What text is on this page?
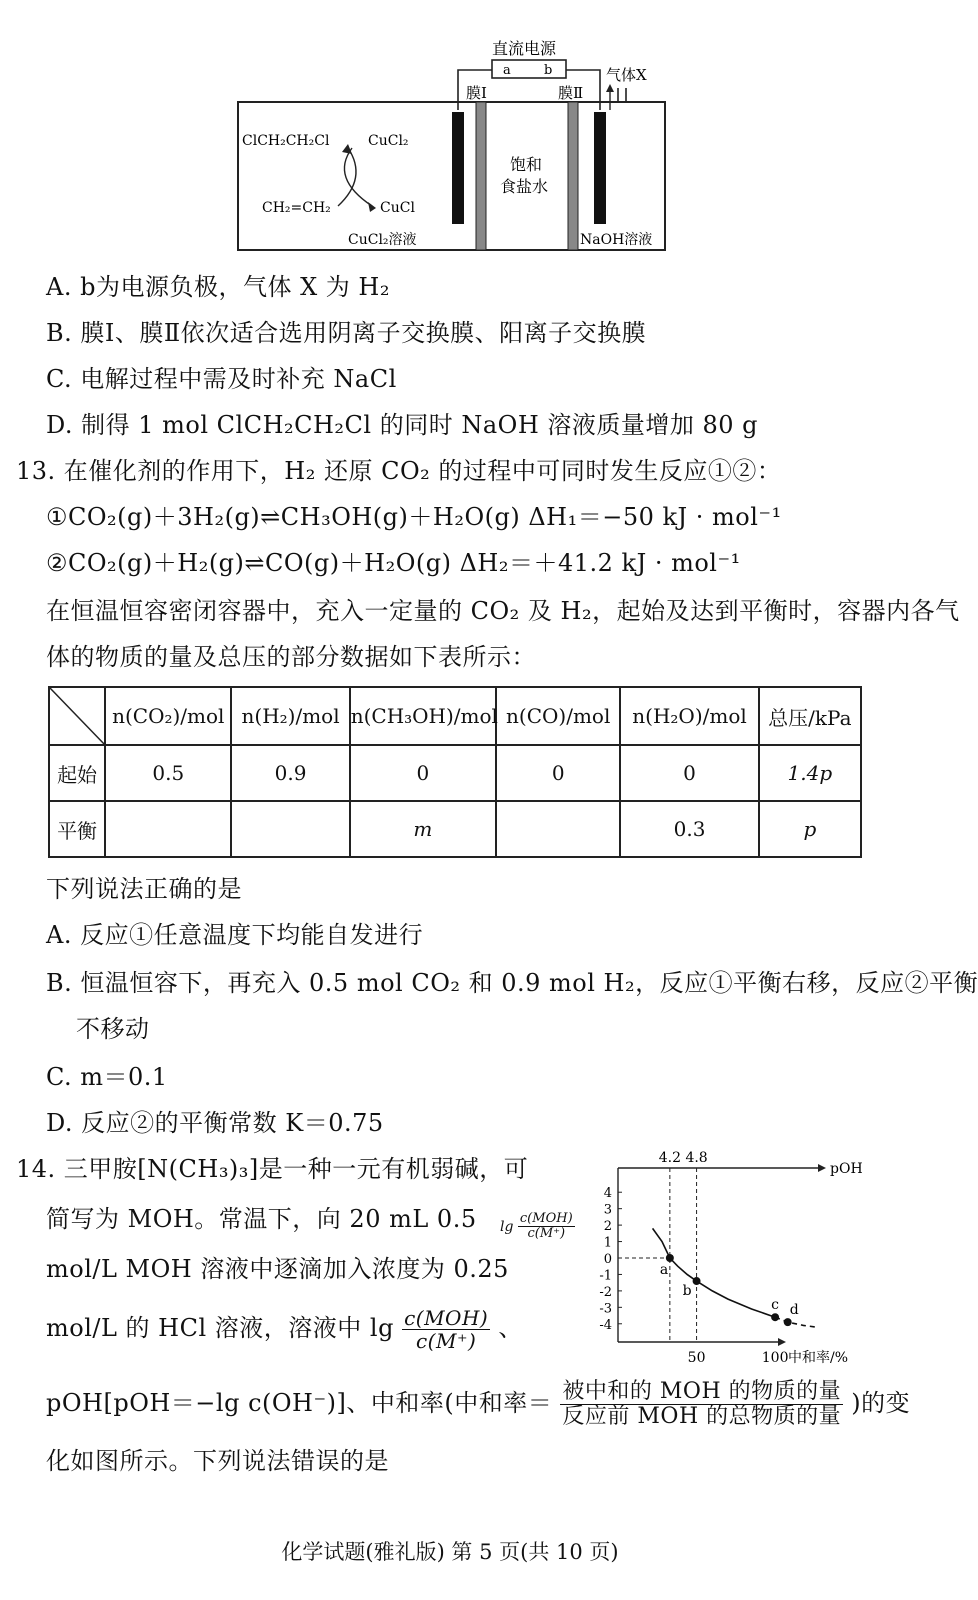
a	b
直流电源
膜Ⅰ	膜Ⅱ
气体X
ClCH₂CH₂Cl	CuCl₂
CH₂=CH₂	CuCl
CuCl₂溶液
饱和
食盐水
NaOH溶液
A. b为电源负极，气体 X 为 H₂
B. 膜Ⅰ、膜Ⅱ依次适合选用阴离子交换膜、阳离子交换膜
C. 电解过程中需及时补充 NaCl
D. 制得 1 mol ClCH₂CH₂Cl 的同时 NaOH 溶液质量增加 80 g
13. 在催化剂的作用下，H₂ 还原 CO₂ 的过程中可同时发生反应①②：
①CO₂(g)＋3H₂(g)⇌CH₃OH(g)＋H₂O(g) ΔH₁＝−50 kJ · mol⁻¹
②CO₂(g)＋H₂(g)⇌CO(g)＋H₂O(g) ΔH₂＝＋41.2 kJ · mol⁻¹
在恒温恒容密闭容器中，充入一定量的 CO₂ 及 H₂，起始及达到平衡时，容器内各气
体的物质的量及总压的部分数据如下表所示：
	n(CO₂)/mol	n(H₂)/mol	n(CH₃OH)/mol	n(CO)/mol	n(H₂O)/mol	总压/kPa
起始	0.5	0.9	0	0	0	1.4p
平衡			m		0.3	p
下列说法正确的是
A. 反应①任意温度下均能自发进行
B. 恒温恒容下，再充入 0.5 mol CO₂ 和 0.9 mol H₂，反应①平衡右移，反应②平衡
不移动
C. m＝0.1
D. 反应②的平衡常数 K＝0.75
14. 三甲胺[N(CH₃)₃]是一种一元有机弱碱，可
简写为 MOH。常温下，向 20 mL 0.5
mol/L MOH 溶液中逐滴加入浓度为 0.25
mol/L 的 HCl 溶液，溶液中 $\lg \frac{\text{c(MOH)}}{c(M^+)}$ 、
pOH[pOH＝−lg c(OH⁻)]、中和率(中和率＝ $\frac{\text{被中和的 MOH 的物质的量}}{\text{反应前 MOH 的总物质的量}}$ )的变
化如图所示。下列说法错误的是
$\lg \frac{\text{c(MOH)}}{c(M^+)}$
pOH
中和率/%
4
3
2
1
0
-1
-2
-3
-4
50	100
4.2 4.8
a
b
c d
化学试题(雅礼版) 第 5 页(共 10 页)
